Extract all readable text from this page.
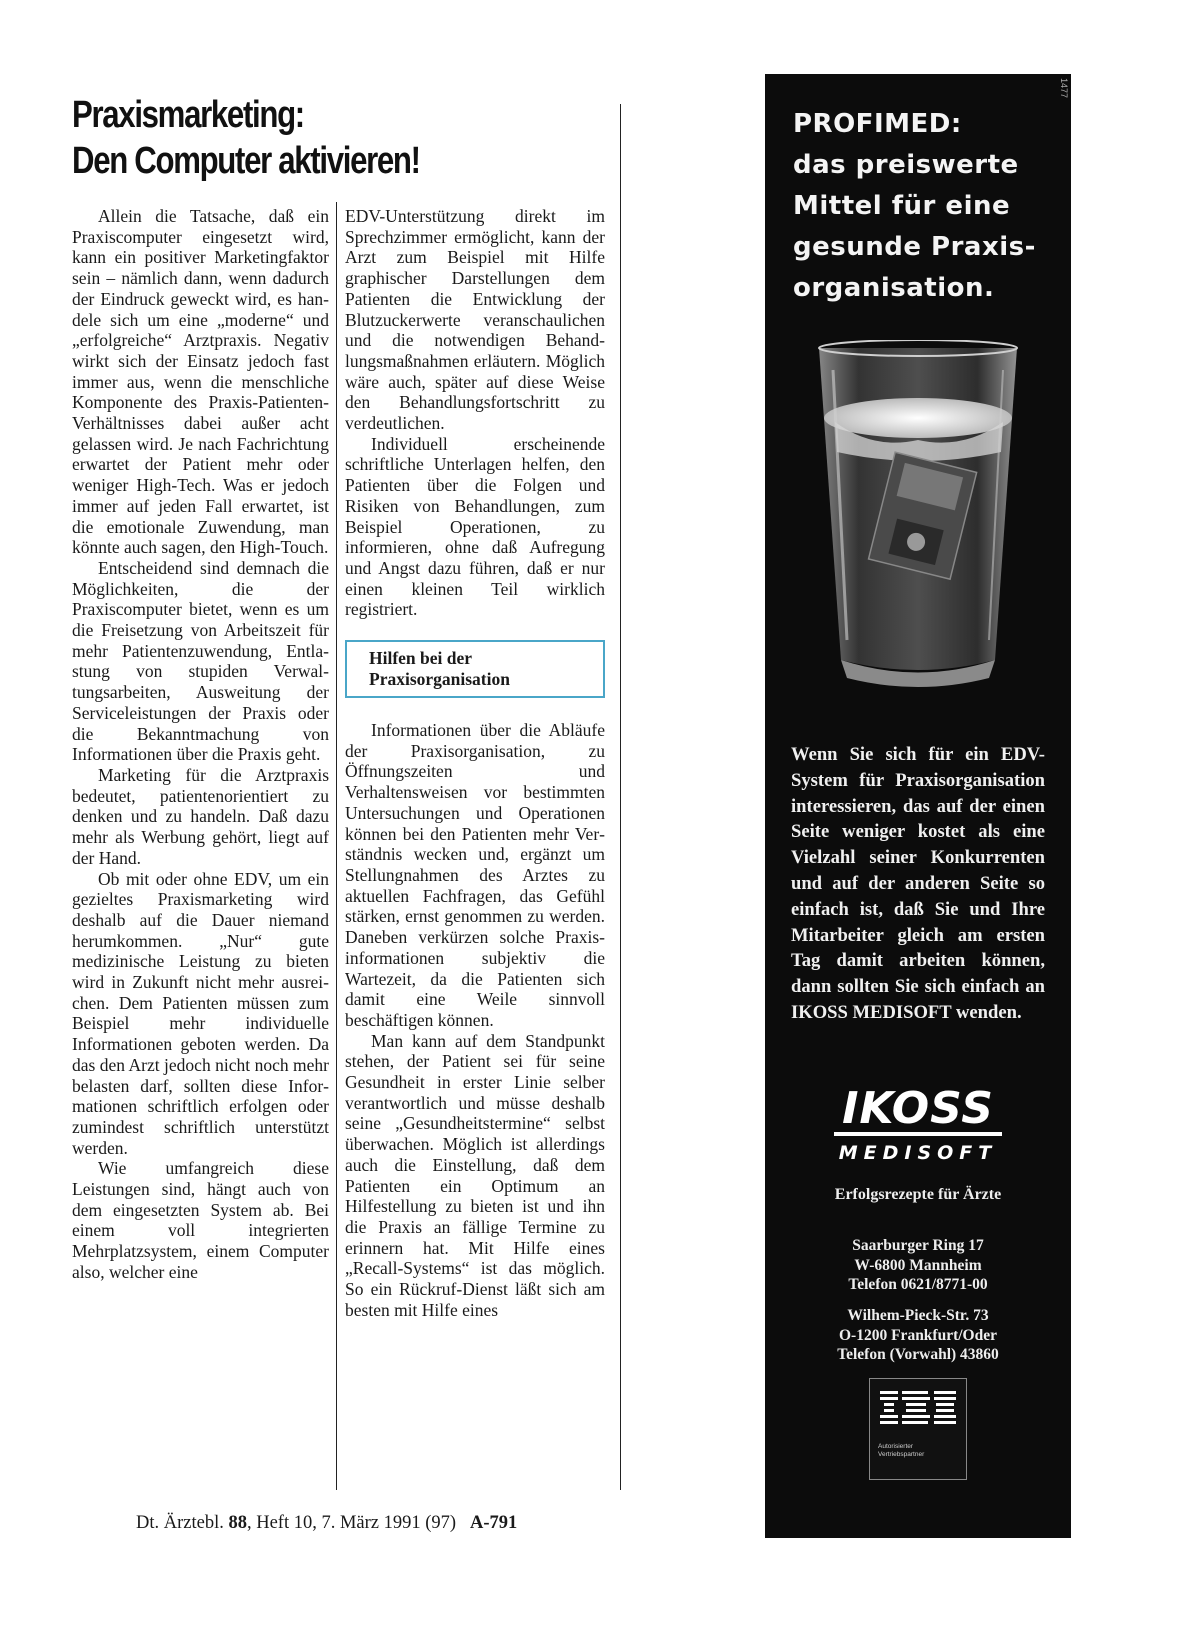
Praxismarketing:
Den Computer aktivieren!

Allein die Tatsache, daß ein Praxiscomputer eingesetzt wird, kann ein positiver Marketingfaktor sein – nämlich dann, wenn dadurch der Eindruck geweckt wird, es handele sich um eine „moderne“ und „erfolgreiche“ Arztpraxis. Negativ wirkt sich der Einsatz jedoch fast immer aus, wenn die menschliche Komponente des Praxis-Patienten-Verhältnisses dabei außer acht gelassen wird. Je nach Fachrichtung erwartet der Patient mehr oder weniger High-Tech. Was er jedoch immer auf jeden Fall erwartet, ist die emotionale Zuwendung, man könnte auch sagen, den High-Touch.

Entscheidend sind demnach die Möglichkeiten, die der Praxiscomputer bietet, wenn es um die Freisetzung von Arbeitszeit für mehr Patientenzuwendung, Entlastung von stupiden Verwaltungsarbeiten, Ausweitung der Serviceleistungen der Praxis oder die Bekanntmachung von Informationen über die Praxis geht.

Marketing für die Arztpraxis bedeutet, patientenorientiert zu denken und zu handeln. Daß dazu mehr als Werbung gehört, liegt auf der Hand.

Ob mit oder ohne EDV, um ein gezieltes Praxismarketing wird deshalb auf die Dauer niemand herumkommen. „Nur“ gute medizinische Leistung zu bieten wird in Zukunft nicht mehr ausreichen. Dem Patienten müssen zum Beispiel mehr individuelle Informationen geboten werden. Da das den Arzt jedoch nicht noch mehr belasten darf, sollten diese Informationen schriftlich erfolgen oder zumindest schriftlich unterstützt werden.

Wie umfangreich diese Leistungen sind, hängt auch von dem eingesetzten System ab. Bei einem voll integrierten Mehrplatzsystem, einem Computer also, welcher eine

EDV-Unterstützung direkt im Sprechzimmer ermöglicht, kann der Arzt zum Beispiel mit Hilfe graphischer Darstellungen dem Patienten die Entwicklung der Blutzuckerwerte veranschaulichen und die notwendigen Behandlungsmaßnahmen erläutern. Möglich wäre auch, später auf diese Weise den Behandlungsfortschritt zu verdeutlichen.

Individuell erscheinende schriftliche Unterlagen helfen, den Patienten über die Folgen und Risiken von Behandlungen, zum Beispiel Operationen, zu informieren, ohne daß Aufregung und Angst dazu führen, daß er nur einen kleinen Teil wirklich registriert.

Hilfen bei der
Praxisorganisation

Informationen über die Abläufe der Praxisorganisation, zu Öffnungszeiten und Verhaltensweisen vor bestimmten Untersuchungen und Operationen können bei den Patienten mehr Verständnis wecken und, ergänzt um Stellungnahmen des Arztes zu aktuellen Fachfragen, das Gefühl stärken, ernst genommen zu werden. Daneben verkürzen solche Praxisinformationen subjektiv die Wartezeit, da die Patienten sich damit eine Weile sinnvoll beschäftigen können.

Man kann auf dem Standpunkt stehen, der Patient sei für seine Gesundheit in erster Linie selber verantwortlich und müsse deshalb seine „Gesundheitstermine“ selbst überwachen. Möglich ist allerdings auch die Einstellung, daß dem Patienten ein Optimum an Hilfestellung zu bieten ist und ihn die Praxis an fällige Termine zu erinnern hat. Mit Hilfe eines „Recall-Systems“ ist das möglich. So ein Rückruf-Dienst läßt sich am besten mit Hilfe eines

Dt. Ärztebl. 88, Heft 10, 7. März 1991 (97) A-791
1477
PROFIMED:
das preiswerte
Mittel für eine
gesunde Praxis-
organisation.
Wenn Sie sich für ein EDV-System für Praxisorganisation interessieren, das auf der einen Seite weniger kostet als eine Vielzahl seiner Konkurrenten und auf der anderen Seite so einfach ist, daß Sie und Ihre Mitarbeiter gleich am ersten Tag damit arbeiten können, dann sollten Sie sich einfach an IKOSS MEDISOFT wenden.
IKOSS
MEDISOFT
Erfolgsrezepte für Ärzte
Saarburger Ring 17
W-6800 Mannheim
Telefon 0621/8771-00
Wilhem-Pieck-Str. 73
O-1200 Frankfurt/Oder
Telefon (Vorwahl) 43860
Autorisierter
Vertriebspartner
